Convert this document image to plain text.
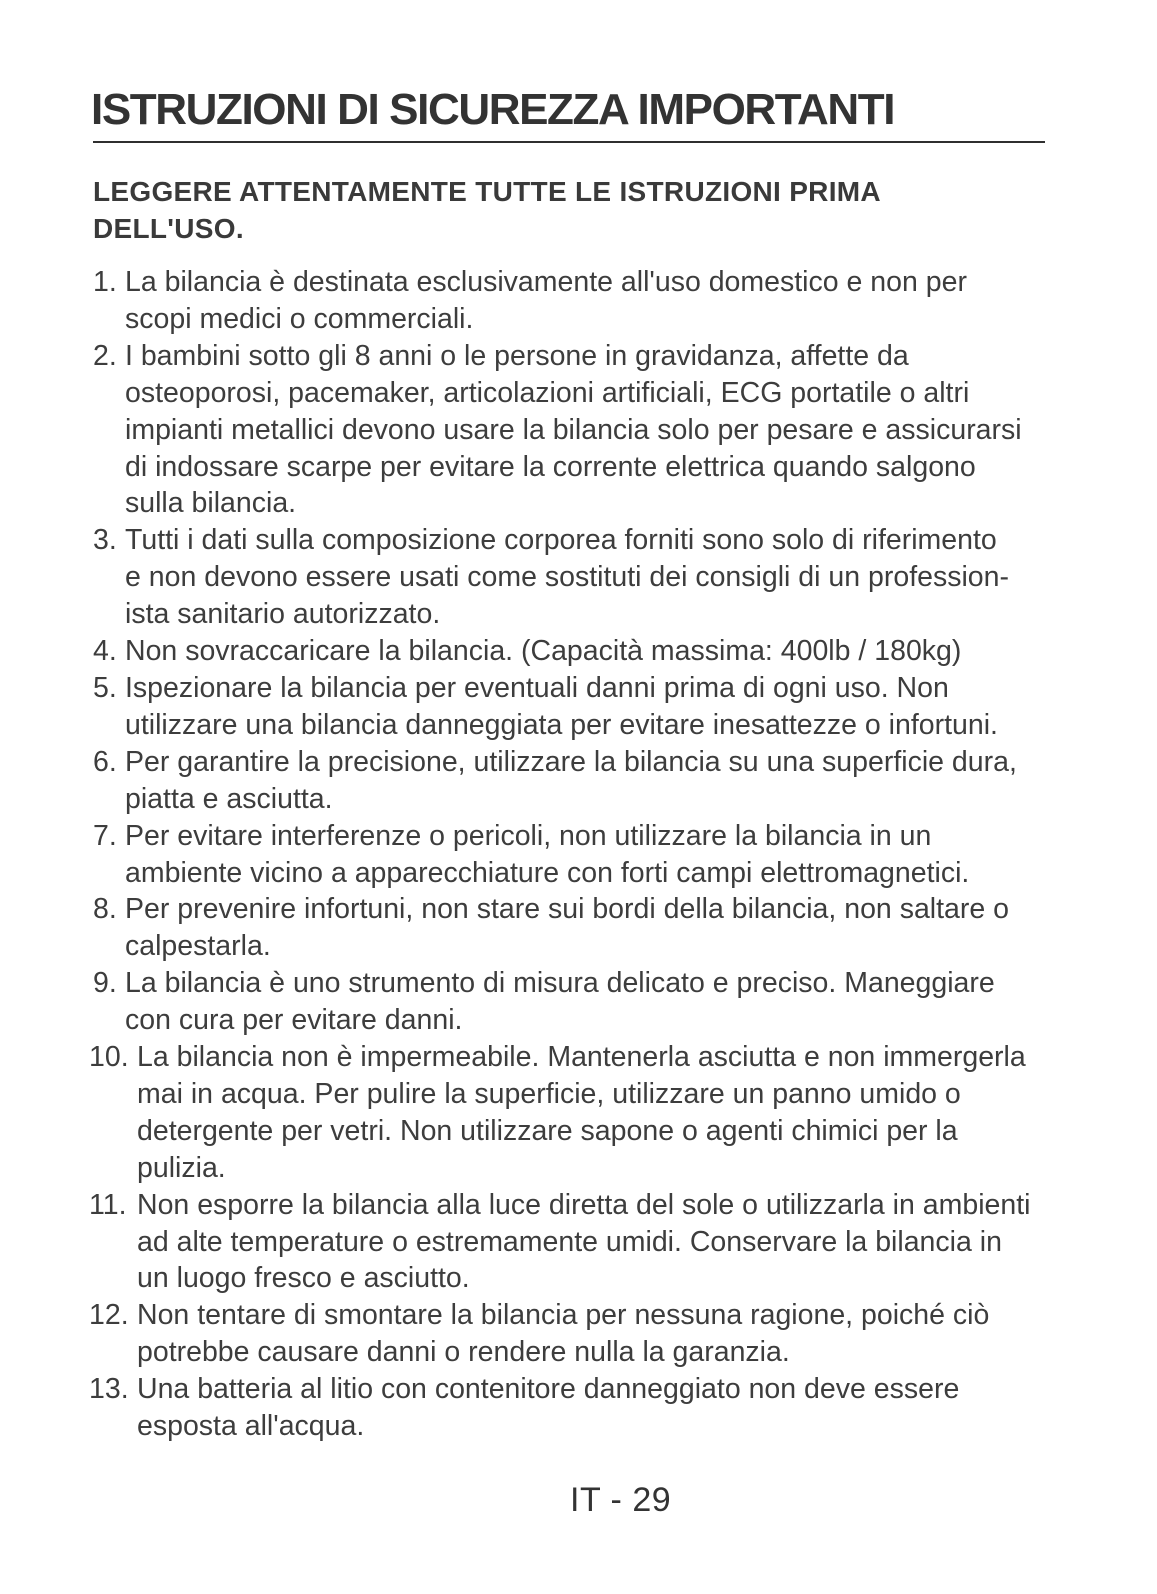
ISTRUZIONI DI SICUREZZA IMPORTANTI
LEGGERE ATTENTAMENTE TUTTE LE ISTRUZIONI PRIMA
DELL'USO.
1. La bilancia è destinata esclusivamente all'uso domestico e non per
scopi medici o commerciali.
2. I bambini sotto gli 8 anni o le persone in gravidanza, affette da
osteoporosi, pacemaker, articolazioni artificiali, ECG portatile o altri
impianti metallici devono usare la bilancia solo per pesare e assicurarsi
di indossare scarpe per evitare la corrente elettrica quando salgono
sulla bilancia.
3. Tutti i dati sulla composizione corporea forniti sono solo di riferimento
e non devono essere usati come sostituti dei consigli di un profession-
ista sanitario autorizzato.
4. Non sovraccaricare la bilancia. (Capacità massima: 400lb / 180kg)
5. Ispezionare la bilancia per eventuali danni prima di ogni uso. Non
utilizzare una bilancia danneggiata per evitare inesattezze o infortuni.
6. Per garantire la precisione, utilizzare la bilancia su una superficie dura,
piatta e asciutta.
7. Per evitare interferenze o pericoli, non utilizzare la bilancia in un
ambiente vicino a apparecchiature con forti campi elettromagnetici.
8. Per prevenire infortuni, non stare sui bordi della bilancia, non saltare o
calpestarla.
9. La bilancia è uno strumento di misura delicato e preciso. Maneggiare
con cura per evitare danni.
10. La bilancia non è impermeabile. Mantenerla asciutta e non immergerla
mai in acqua. Per pulire la superficie, utilizzare un panno umido o
detergente per vetri. Non utilizzare sapone o agenti chimici per la
pulizia.
11. Non esporre la bilancia alla luce diretta del sole o utilizzarla in ambienti
ad alte temperature o estremamente umidi. Conservare la bilancia in
un luogo fresco e asciutto.
12. Non tentare di smontare la bilancia per nessuna ragione, poiché ciò
potrebbe causare danni o rendere nulla la garanzia.
13. Una batteria al litio con contenitore danneggiato non deve essere
esposta all'acqua.
IT - 29
